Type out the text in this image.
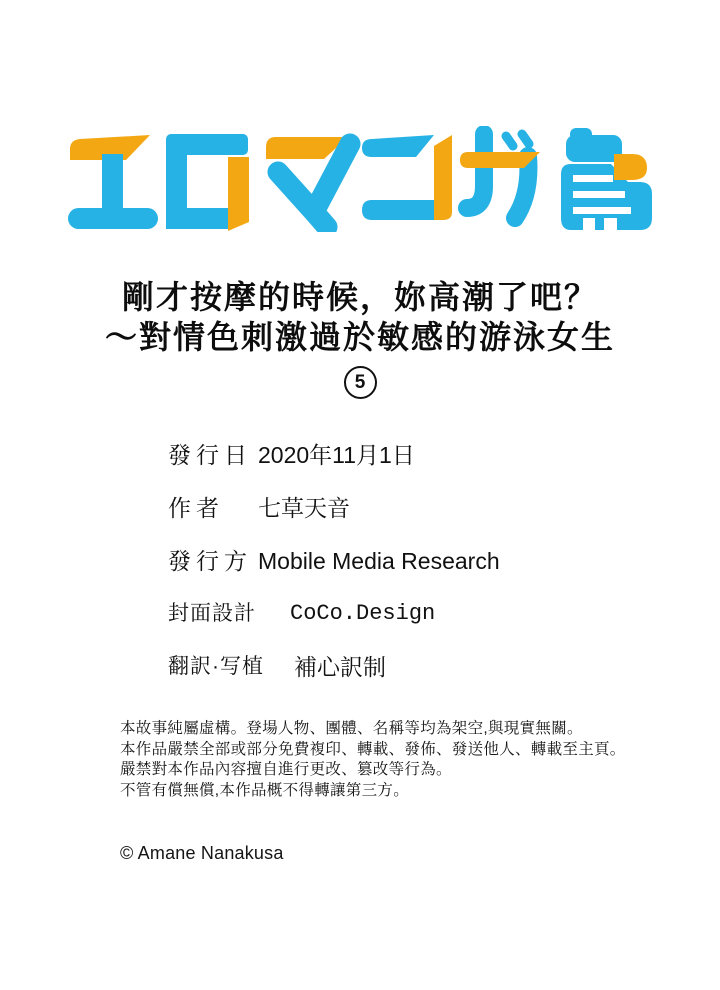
剛才按摩的時候，妳高潮了吧？
～對情色刺激過於敏感的游泳女生
5
發行日 2020年11月1日
作者 七草天音
發行方 Mobile Media Research
封面設計 CoCo.Design
翻訳·写植 補心訳制
本故事純屬虛構。登場人物、團體、名稱等均為架空,與現實無關。
本作品嚴禁全部或部分免費複印、轉載、發佈、發送他人、轉載至主頁。
嚴禁對本作品內容擅自進行更改、篡改等行為。
不管有償無償,本作品概不得轉讓第三方。
© Amane Nanakusa
